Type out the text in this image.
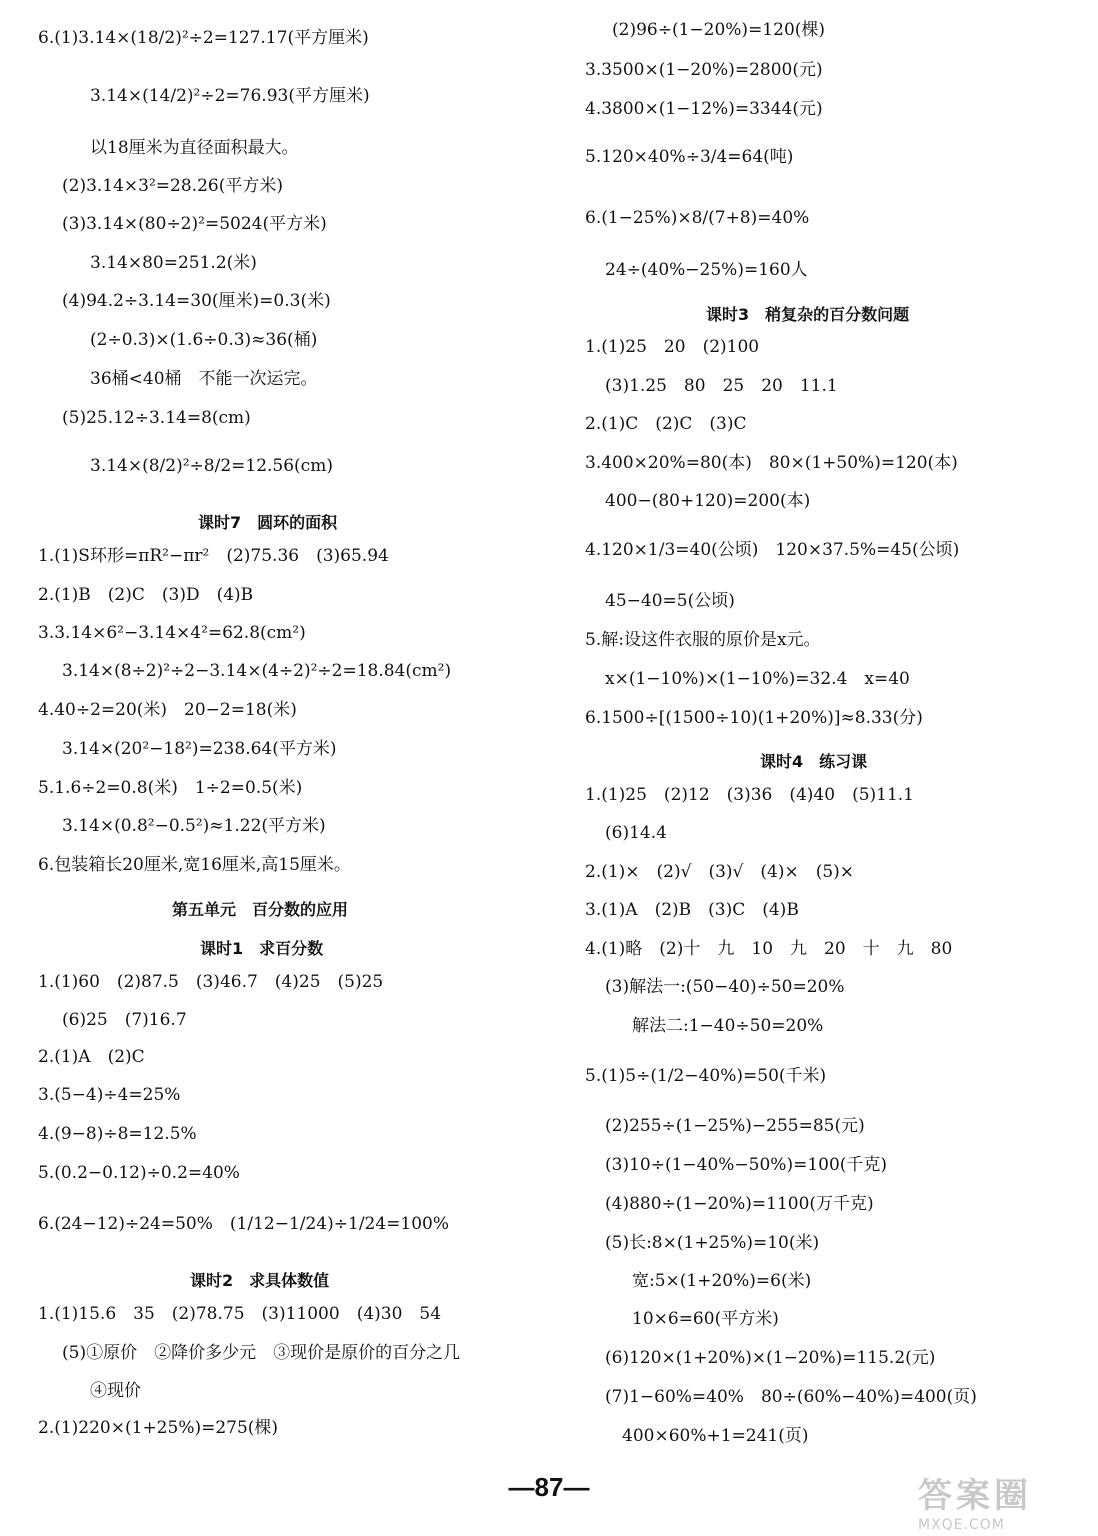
6.(1)3.14×(18/2)²÷2=127.17(平方厘米)
3.14×(14/2)²÷2=76.93(平方厘米)
以18厘米为直径面积最大。
(2)3.14×3²=28.26(平方米)
(3)3.14×(80÷2)²=5024(平方米)
3.14×80=251.2(米)
(4)94.2÷3.14=30(厘米)=0.3(米)
(2÷0.3)×(1.6÷0.3)≈36(桶)
36桶<40桶　不能一次运完。
(5)25.12÷3.14=8(cm)
3.14×(8/2)²÷8/2=12.56(cm)
课时7　圆环的面积
1.(1)S环形=πR²−πr²　(2)75.36　(3)65.94
2.(1)B　(2)C　(3)D　(4)B
3.3.14×6²−3.14×4²=62.8(cm²)
3.14×(8÷2)²÷2−3.14×(4÷2)²÷2=18.84(cm²)
4.40÷2=20(米)　20−2=18(米)
3.14×(20²−18²)=238.64(平方米)
5.1.6÷2=0.8(米)　1÷2=0.5(米)
3.14×(0.8²−0.5²)≈1.22(平方米)
6.包装箱长20厘米,宽16厘米,高15厘米。
第五单元　百分数的应用
课时1　求百分数
1.(1)60　(2)87.5　(3)46.7　(4)25　(5)25
(6)25　(7)16.7
2.(1)A　(2)C
3.(5−4)÷4=25%
4.(9−8)÷8=12.5%
5.(0.2−0.12)÷0.2=40%
6.(24−12)÷24=50%　(1/12−1/24)÷1/24=100%
课时2　求具体数值
1.(1)15.6　35　(2)78.75　(3)11000　(4)30　54
(5)①原价　②降价多少元　③现价是原价的百分之几
④现价
2.(1)220×(1+25%)=275(棵)
(2)96÷(1−20%)=120(棵)
3.3500×(1−20%)=2800(元)
4.3800×(1−12%)=3344(元)
5.120×40%÷3/4=64(吨)
6.(1−25%)×8/(7+8)=40%
24÷(40%−25%)=160人
课时3　稍复杂的百分数问题
1.(1)25　20　(2)100
(3)1.25　80　25　20　11.1
2.(1)C　(2)C　(3)C
3.400×20%=80(本)　80×(1+50%)=120(本)
400−(80+120)=200(本)
4.120×1/3=40(公顷)　120×37.5%=45(公顷)
45−40=5(公顷)
5.解:设这件衣服的原价是x元。
x×(1−10%)×(1−10%)=32.4　x=40
6.1500÷[(1500÷10)(1+20%)]≈8.33(分)
课时4　练习课
1.(1)25　(2)12　(3)36　(4)40　(5)11.1
(6)14.4
2.(1)×　(2)√　(3)√　(4)×　(5)×
3.(1)A　(2)B　(3)C　(4)B
4.(1)略　(2)十　九　10　九　20　十　九　80
(3)解法一:(50−40)÷50=20%
解法二:1−40÷50=20%
5.(1)5÷(1/2−40%)=50(千米)
(2)255÷(1−25%)−255=85(元)
(3)10÷(1−40%−50%)=100(千克)
(4)880÷(1−20%)=1100(万千克)
(5)长:8×(1+25%)=10(米)
宽:5×(1+20%)=6(米)
10×6=60(平方米)
(6)120×(1+20%)×(1−20%)=115.2(元)
(7)1−60%=40%　80÷(60%−40%)=400(页)
400×60%+1=241(页)
—87—	答案圈
MXQE.COM
